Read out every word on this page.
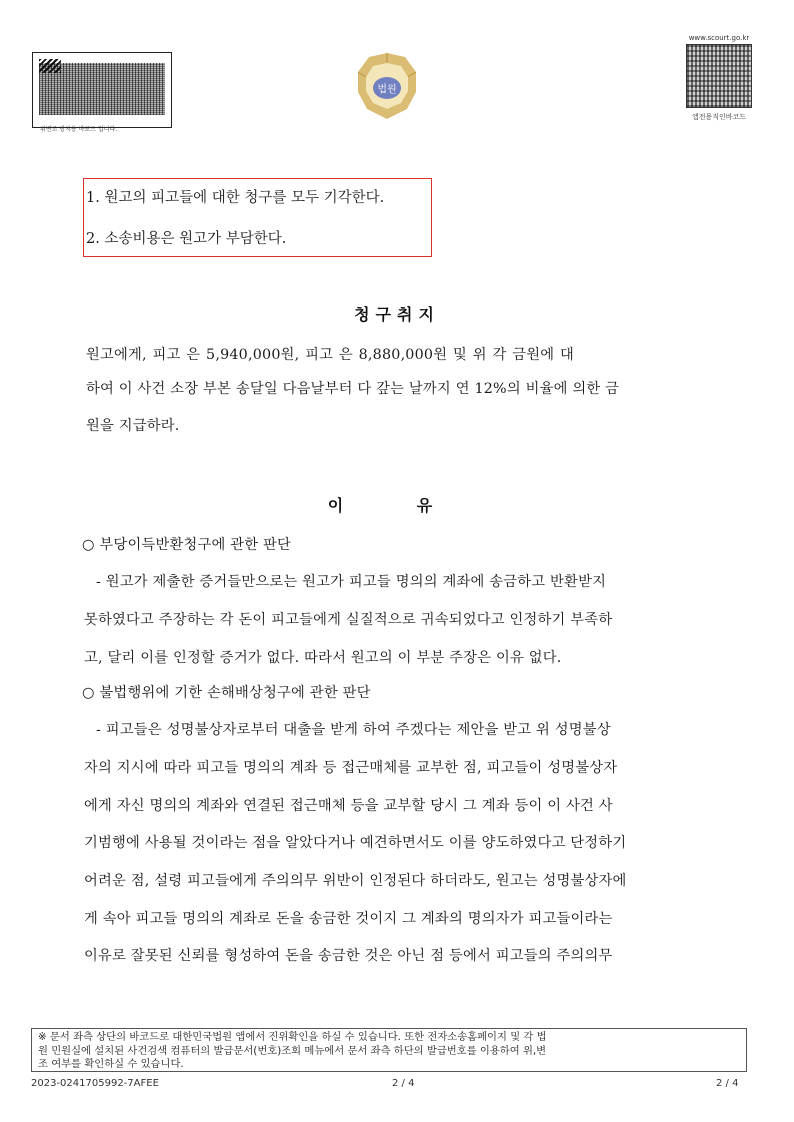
위변조 방지용 바코드 입니다.
법원
www.scourt.go.kr
앱전용직인바코드
1. 원고의 피고들에 대한 청구를 모두 기각한다.
2. 소송비용은 원고가 부담한다.
청구취지
원고에게, 피고 은 5,940,000원, 피고 은 8,880,000원 및 위 각 금원에 대
하여 이 사건 소장 부본 송달일 다음날부터 다 갚는 날까지 연 12%의 비율에 의한 금
원을 지급하라.
이 유
○ 부당이득반환청구에 관한 판단
- 원고가 제출한 증거들만으로는 원고가 피고들 명의의 계좌에 송금하고 반환받지
못하였다고 주장하는 각 돈이 피고들에게 실질적으로 귀속되었다고 인정하기 부족하
고, 달리 이를 인정할 증거가 없다. 따라서 원고의 이 부분 주장은 이유 없다.
○ 불법행위에 기한 손해배상청구에 관한 판단
- 피고들은 성명불상자로부터 대출을 받게 하여 주겠다는 제안을 받고 위 성명불상
자의 지시에 따라 피고들 명의의 계좌 등 접근매체를 교부한 점, 피고들이 성명불상자
에게 자신 명의의 계좌와 연결된 접근매체 등을 교부할 당시 그 계좌 등이 이 사건 사
기범행에 사용될 것이라는 점을 알았다거나 예견하면서도 이를 양도하였다고 단정하기
어려운 점, 설령 피고들에게 주의의무 위반이 인정된다 하더라도, 원고는 성명불상자에
게 속아 피고들 명의의 계좌로 돈을 송금한 것이지 그 계좌의 명의자가 피고들이라는
이유로 잘못된 신뢰를 형성하여 돈을 송금한 것은 아닌 점 등에서 피고들의 주의의무
※ 문서 좌측 상단의 바코드로 대한민국법원 앱에서 진위확인을 하실 수 있습니다. 또한 전자소송홈페이지 및 각 법
원 민원실에 설치된 사건검색 컴퓨터의 발급문서(번호)조회 메뉴에서 문서 좌측 하단의 발급번호를 이용하여 위,변
조 여부를 확인하실 수 있습니다.
2023-0241705992-7AFEE	2 / 4	2 / 4
